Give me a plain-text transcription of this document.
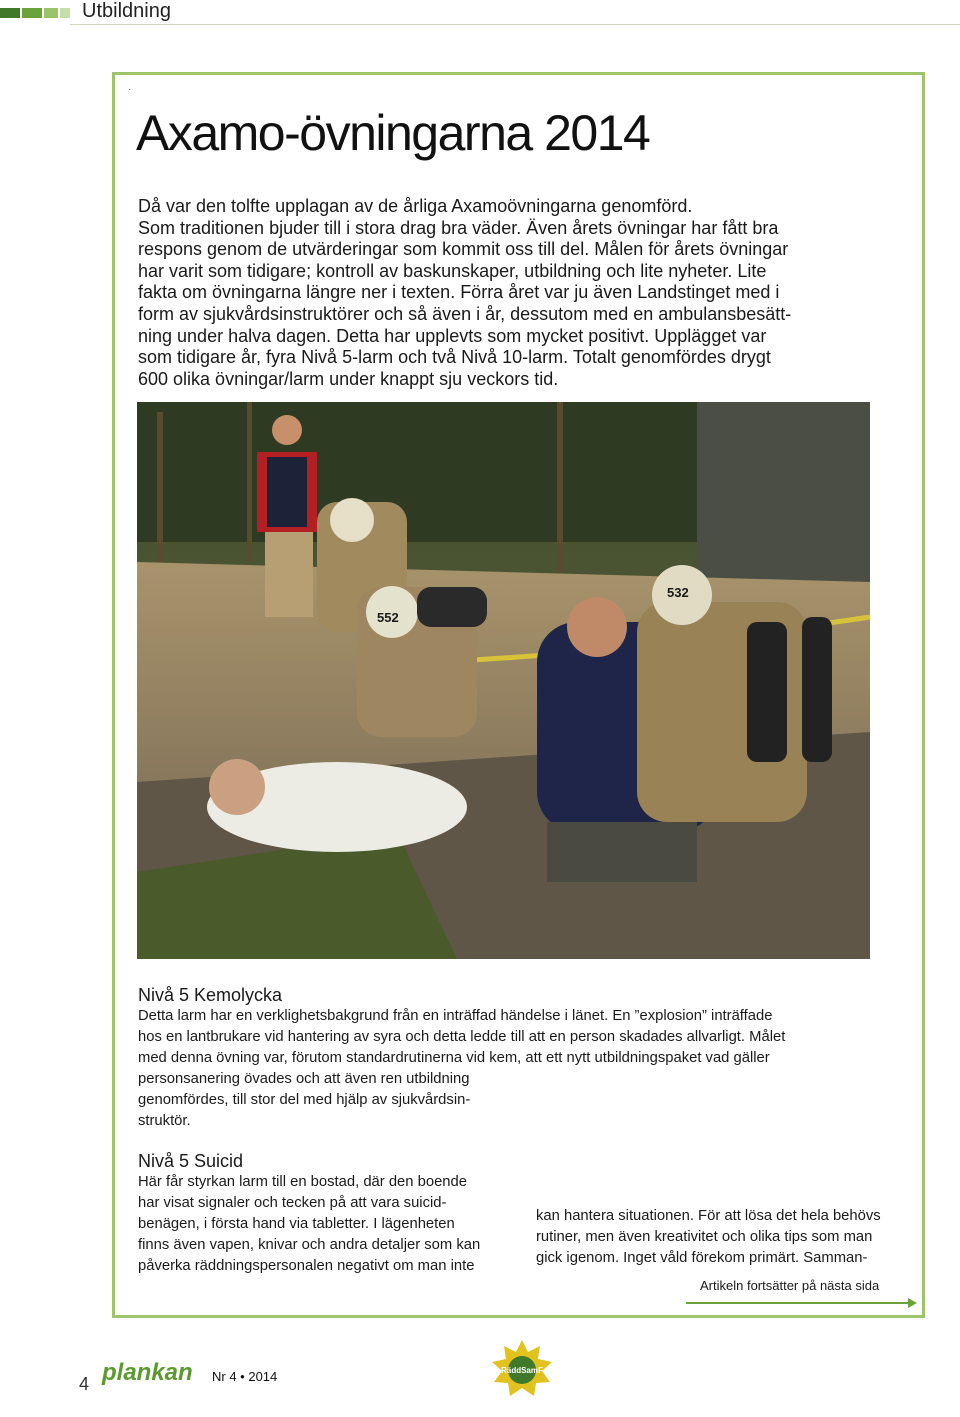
Utbildning
·
Axamo-övningarna 2014
Då var den tolfte upplagan av de årliga Axamoövningarna genomförd.
Som traditionen bjuder till i stora drag bra väder. Även årets övningar har fått bra
respons genom de utvärderingar som kommit oss till del. Målen för årets övningar
har varit som tidigare; kontroll av baskunskaper, utbildning och lite nyheter. Lite
fakta om övningarna längre ner i texten. Förra året var ju även Landstinget med i
form av sjukvårdsinstruktörer och så även i år, dessutom med en ambulansbesätt-
ning under halva dagen. Detta har upplevts som mycket positivt. Upplägget var
som tidigare år, fyra Nivå 5-larm och två Nivå 10-larm. Totalt genomfördes drygt
600 olika övningar/larm under knappt sju veckors tid.
552
532
Nivå 5 Kemolycka
Detta larm har en verklighetsbakgrund från en inträffad händelse i länet. En ”explosion” inträffade
hos en lantbrukare vid hantering av syra och detta ledde till att en person skadades allvarligt. Målet
med denna övning var, förutom standardrutinerna vid kem, att ett nytt utbildningspaket vad gäller
personsanering övades och att även ren utbildning
genomfördes, till stor del med hjälp av sjukvårdsin-
struktör.
Nivå 5 Suicid
Här får styrkan larm till en bostad, där den boende
har visat signaler och tecken på att vara suicid-
benägen, i första hand via tabletter. I lägenheten
finns även vapen, knivar och andra detaljer som kan
påverka räddningspersonalen negativt om man inte
kan hantera situationen. För att lösa det hela behövs
rutiner, men även kreativitet och olika tips som man
gick igenom. Inget våld förekom primärt. Samman-
Artikeln fortsätter på nästa sida
4 plankan Nr 4 • 2014	RäddSamF
